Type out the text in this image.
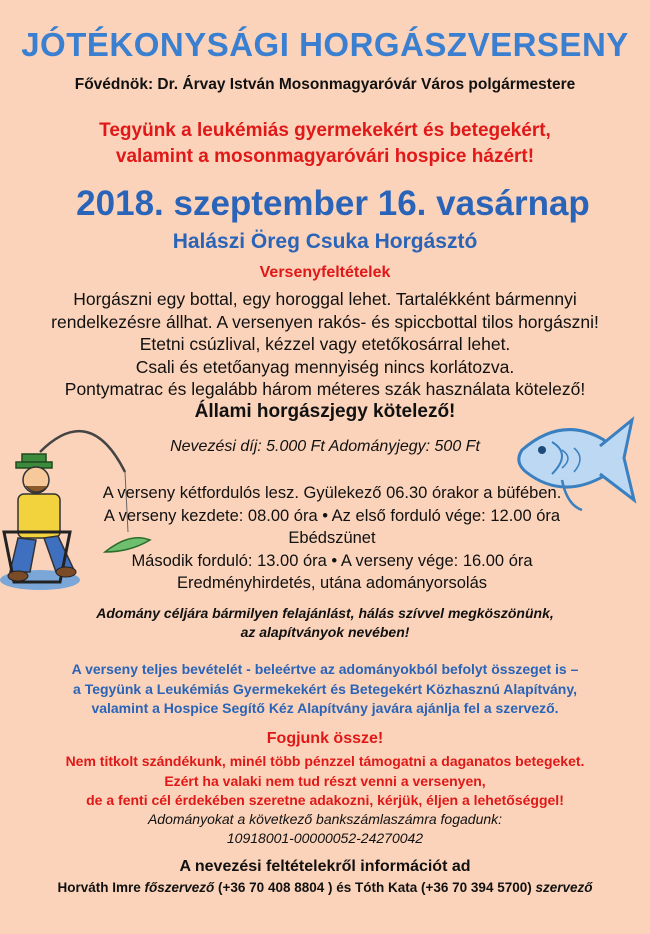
JÓTÉKONYSÁGI HORGÁSZVERSENY
Fővédnök: Dr. Árvay István Mosonmagyaróvár Város polgármestere
Tegyünk a leukémiás gyermekekért és betegekért,
valamint a mosonmagyaróvári hospice házért!
2018. szeptember 16. vasárnap
Halászi Öreg Csuka Horgásztó
Versenyfeltételek
Horgászni egy bottal, egy horoggal lehet. Tartalékként bármennyi
rendelkezésre állhat. A versenyen rakós- és spiccbottal tilos horgászni!
Etetni csúzlival, kézzel vagy etetőkosárral lehet.
Csali és etetőanyag mennyiség nincs korlátozva.
Pontymatrac és legalább három méteres szák használata kötelező!
Állami horgászjegy kötelező!
Nevezési díj: 5.000 Ft Adományjegy: 500 Ft
A verseny kétfordulós lesz. Gyülekező 06.30 órakor a büfében.
A verseny kezdete: 08.00 óra • Az első forduló vége: 12.00 óra
Ebédszünet
Második forduló: 13.00 óra • A verseny vége: 16.00 óra
Eredményhirdetés, utána adományorsolás
Adomány céljára bármilyen felajánlást, hálás szívvel megköszönünk,
az alapítványok nevében!
A verseny teljes bevételét - beleértve az adományokból befolyt összeget is –
a Tegyünk a Leukémiás Gyermekekért és Betegekért Közhasznú Alapítvány,
valamint a Hospice Segítő Kéz Alapítvány javára ajánlja fel a szervező.
Fogjunk össze!
Nem titkolt szándékunk, minél több pénzzel támogatni a daganatos betegeket.
Ezért ha valaki nem tud részt venni a versenyen,
de a fenti cél érdekében szeretne adakozni, kérjük, éljen a lehetőséggel!
Adományokat a következő bankszámlaszámra fogadunk:
10918001-00000052-24270042
A nevezési feltételekről információt ad
Horváth Imre főszervező (+36 70 408 8804 ) és Tóth Kata (+36 70 394 5700) szervező
